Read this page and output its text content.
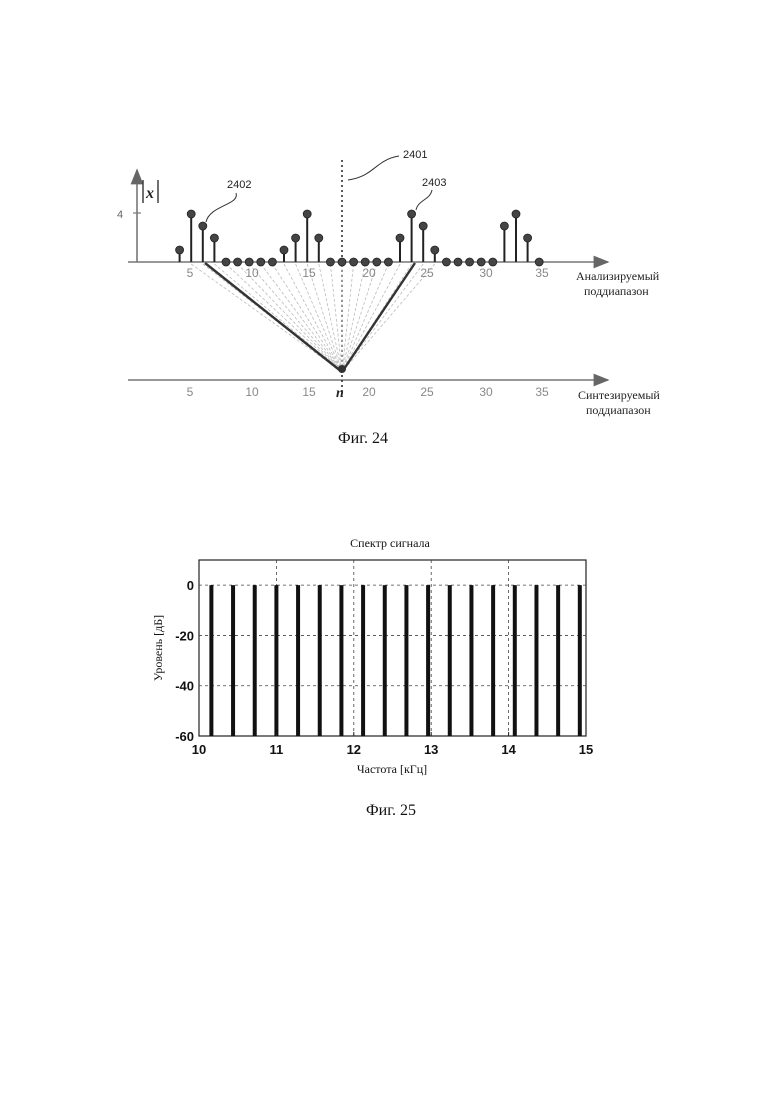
4
x
n
5	10	15	20	25	30	35
5	10	15	20	25	30	35
2402
2401
2403
Анализируемый
поддиапазон
Синтезируемый
поддиапазон
Фиг. 24
Спектр сигнала
10	11	12	13	14	15
0
-20
-40
-60
Частота [кГц]
Уровень [дБ]
Фиг. 25
